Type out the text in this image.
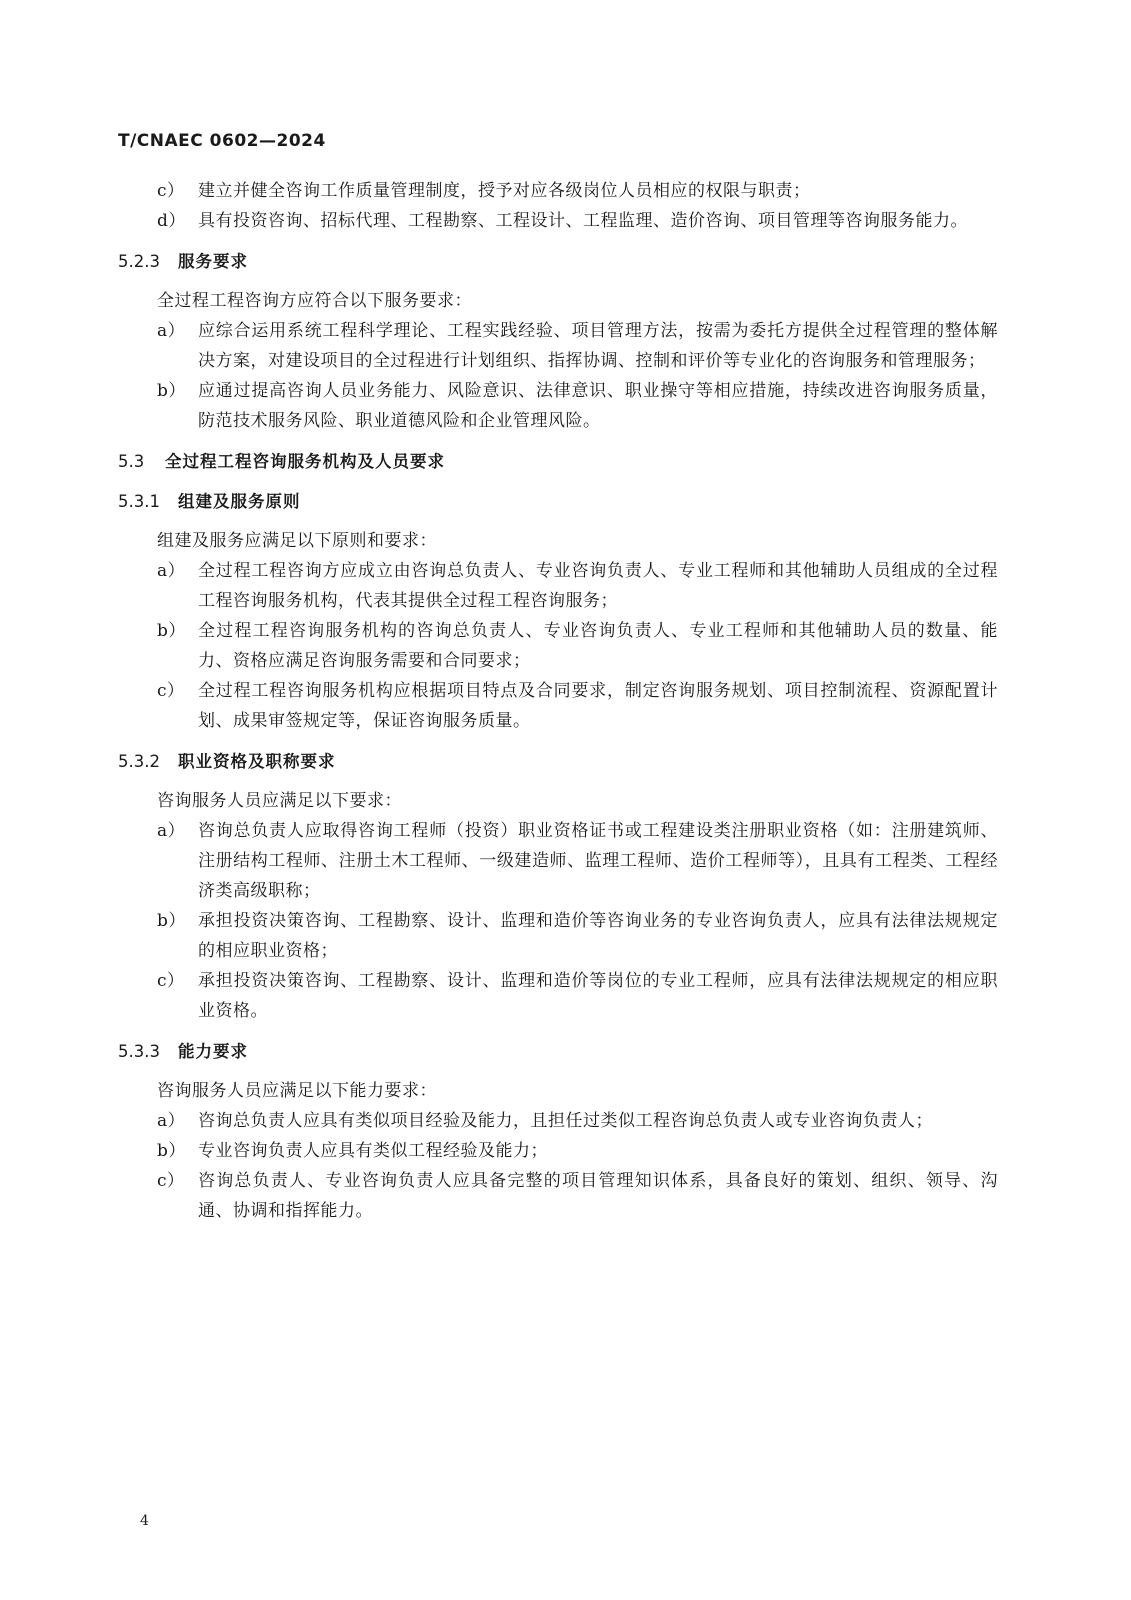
T/CNAEC 0602—2024
c） 建立并健全咨询工作质量管理制度，授予对应各级岗位人员相应的权限与职责；
d） 具有投资咨询、招标代理、工程勘察、工程设计、工程监理、造价咨询、项目管理等咨询服务能力。
5.2.3 服务要求
全过程工程咨询方应符合以下服务要求：
a） 应综合运用系统工程科学理论、工程实践经验、项目管理方法，按需为委托方提供全过程管理的整体解决方案，对建设项目的全过程进行计划组织、指挥协调、控制和评价等专业化的咨询服务和管理服务；
b） 应通过提高咨询人员业务能力、风险意识、法律意识、职业操守等相应措施，持续改进咨询服务质量，防范技术服务风险、职业道德风险和企业管理风险。
5.3 全过程工程咨询服务机构及人员要求
5.3.1 组建及服务原则
组建及服务应满足以下原则和要求：
a） 全过程工程咨询方应成立由咨询总负责人、专业咨询负责人、专业工程师和其他辅助人员组成的全过程工程咨询服务机构，代表其提供全过程工程咨询服务；
b） 全过程工程咨询服务机构的咨询总负责人、专业咨询负责人、专业工程师和其他辅助人员的数量、能力、资格应满足咨询服务需要和合同要求；
c） 全过程工程咨询服务机构应根据项目特点及合同要求，制定咨询服务规划、项目控制流程、资源配置计划、成果审签规定等，保证咨询服务质量。
5.3.2 职业资格及职称要求
咨询服务人员应满足以下要求：
a） 咨询总负责人应取得咨询工程师（投资）职业资格证书或工程建设类注册职业资格（如：注册建筑师、注册结构工程师、注册土木工程师、一级建造师、监理工程师、造价工程师等），且具有工程类、工程经济类高级职称；
b） 承担投资决策咨询、工程勘察、设计、监理和造价等咨询业务的专业咨询负责人，应具有法律法规规定的相应职业资格；
c） 承担投资决策咨询、工程勘察、设计、监理和造价等岗位的专业工程师，应具有法律法规规定的相应职业资格。
5.3.3 能力要求
咨询服务人员应满足以下能力要求：
a） 咨询总负责人应具有类似项目经验及能力，且担任过类似工程咨询总负责人或专业咨询负责人；
b） 专业咨询负责人应具有类似工程经验及能力；
c） 咨询总负责人、专业咨询负责人应具备完整的项目管理知识体系，具备良好的策划、组织、领导、沟通、协调和指挥能力。
4
